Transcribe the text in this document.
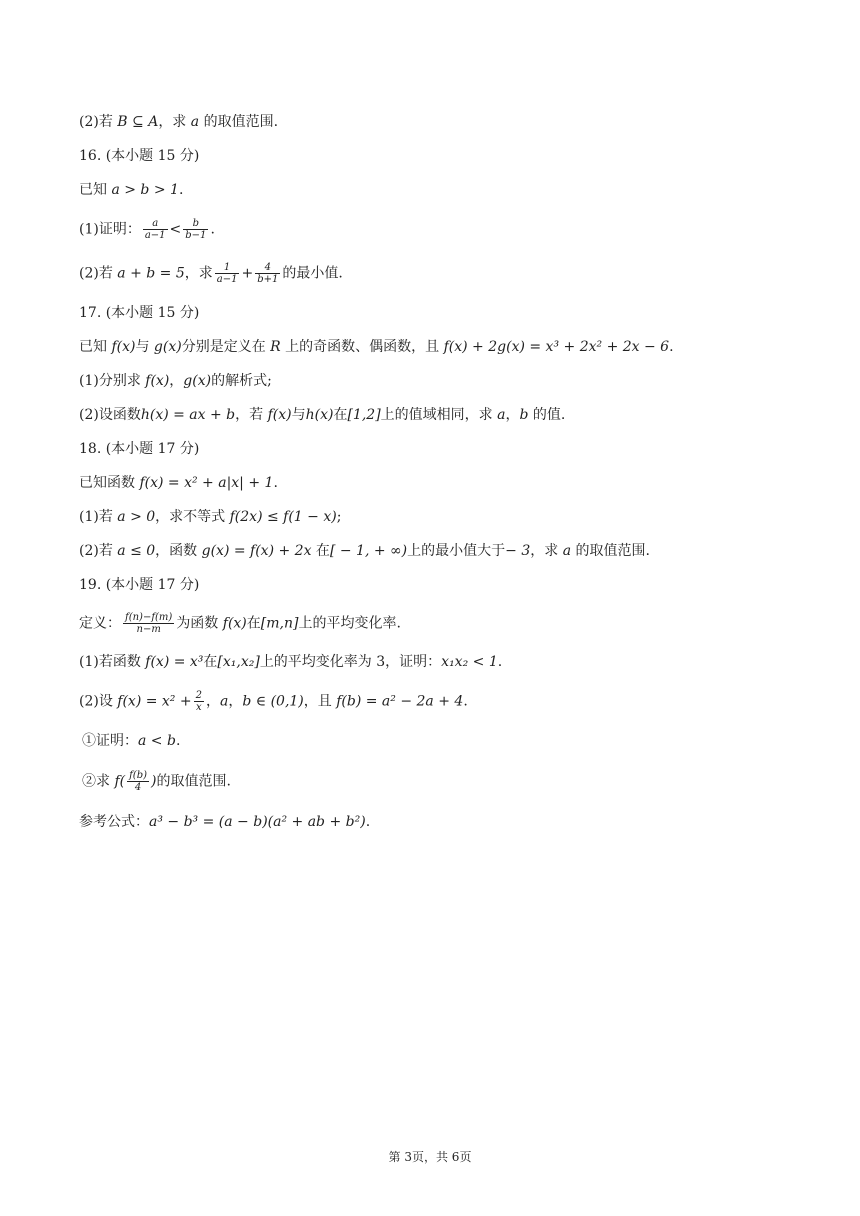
(2)若 B ⊆ A，求 a 的取值范围.
16. (本小题 15 分)
已知 a > b > 1.
(1)证明： $\frac{a}{a-1} < \frac{b}{b-1}$ .
(2)若 a + b = 5，求 $\frac{1}{a-1} + \frac{4}{b+1}$ 的最小值.
17. (本小题 15 分)
已知 f(x)与 g(x)分别是定义在 R 上的奇函数、偶函数，且 f(x) + 2g(x) = x³ + 2x² + 2x − 6.
(1)分别求 f(x)，g(x)的解析式;
(2)设函数h(x) = ax + b，若 f(x)与h(x)在[1,2]上的值域相同，求 a，b 的值.
18. (本小题 17 分)
已知函数 f(x) = x² + a|x| + 1.
(1)若 a > 0，求不等式 f(2x) ≤ f(1 − x);
(2)若 a ≤ 0，函数 g(x) = f(x) + 2x 在[ − 1, + ∞)上的最小值大于− 3，求 a 的取值范围.
19. (本小题 17 分)
定义： $\frac{f(n)-f(m)}{n-m}$ 为函数 f(x)在[m,n]上的平均变化率.
(1)若函数 f(x) = x³在[x₁,x₂]上的平均变化率为 3，证明：x₁x₂ < 1.
(2)设 $f(x) = x^2 + \frac{2}{x}$ ，a，b ∈ (0,1)，且 f(b) = a² − 2a + 4.
①证明：a < b.
②求 $f( \frac{f(b)}{4}$ )的取值范围.
参考公式：a³ − b³ = (a − b)(a² + ab + b²).
第 3页，共 6页
